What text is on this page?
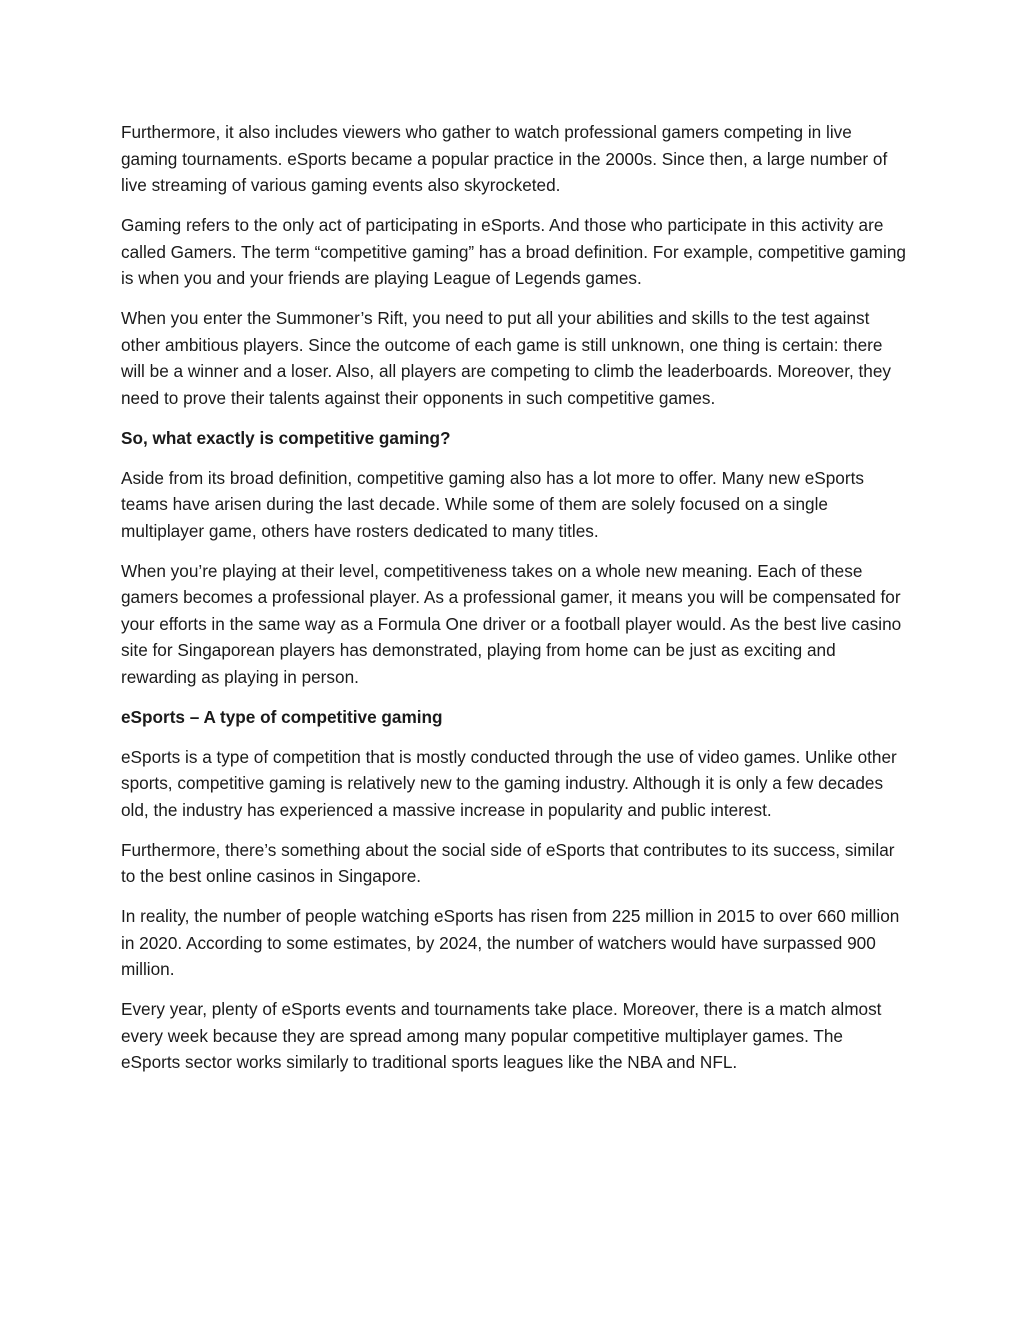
Furthermore, it also includes viewers who gather to watch professional gamers competing in live gaming tournaments. eSports became a popular practice in the 2000s. Since then, a large number of live streaming of various gaming events also skyrocketed.

Gaming refers to the only act of participating in eSports. And those who participate in this activity are called Gamers. The term “competitive gaming” has a broad definition. For example, competitive gaming is when you and your friends are playing League of Legends games.

When you enter the Summoner’s Rift, you need to put all your abilities and skills to the test against other ambitious players. Since the outcome of each game is still unknown, one thing is certain: there will be a winner and a loser. Also, all players are competing to climb the leaderboards. Moreover, they need to prove their talents against their opponents in such competitive games.

So, what exactly is competitive gaming?

Aside from its broad definition, competitive gaming also has a lot more to offer. Many new eSports teams have arisen during the last decade. While some of them are solely focused on a single multiplayer game, others have rosters dedicated to many titles.

When you’re playing at their level, competitiveness takes on a whole new meaning. Each of these gamers becomes a professional player. As a professional gamer, it means you will be compensated for your efforts in the same way as a Formula One driver or a football player would. As the best live casino site for Singaporean players has demonstrated, playing from home can be just as exciting and rewarding as playing in person.

eSports – A type of competitive gaming

eSports is a type of competition that is mostly conducted through the use of video games. Unlike other sports, competitive gaming is relatively new to the gaming industry. Although it is only a few decades old, the industry has experienced a massive increase in popularity and public interest.

Furthermore, there’s something about the social side of eSports that contributes to its success, similar to the best online casinos in Singapore.

In reality, the number of people watching eSports has risen from 225 million in 2015 to over 660 million in 2020. According to some estimates, by 2024, the number of watchers would have surpassed 900 million.

Every year, plenty of eSports events and tournaments take place. Moreover, there is a match almost every week because they are spread among many popular competitive multiplayer games. The eSports sector works similarly to traditional sports leagues like the NBA and NFL.
